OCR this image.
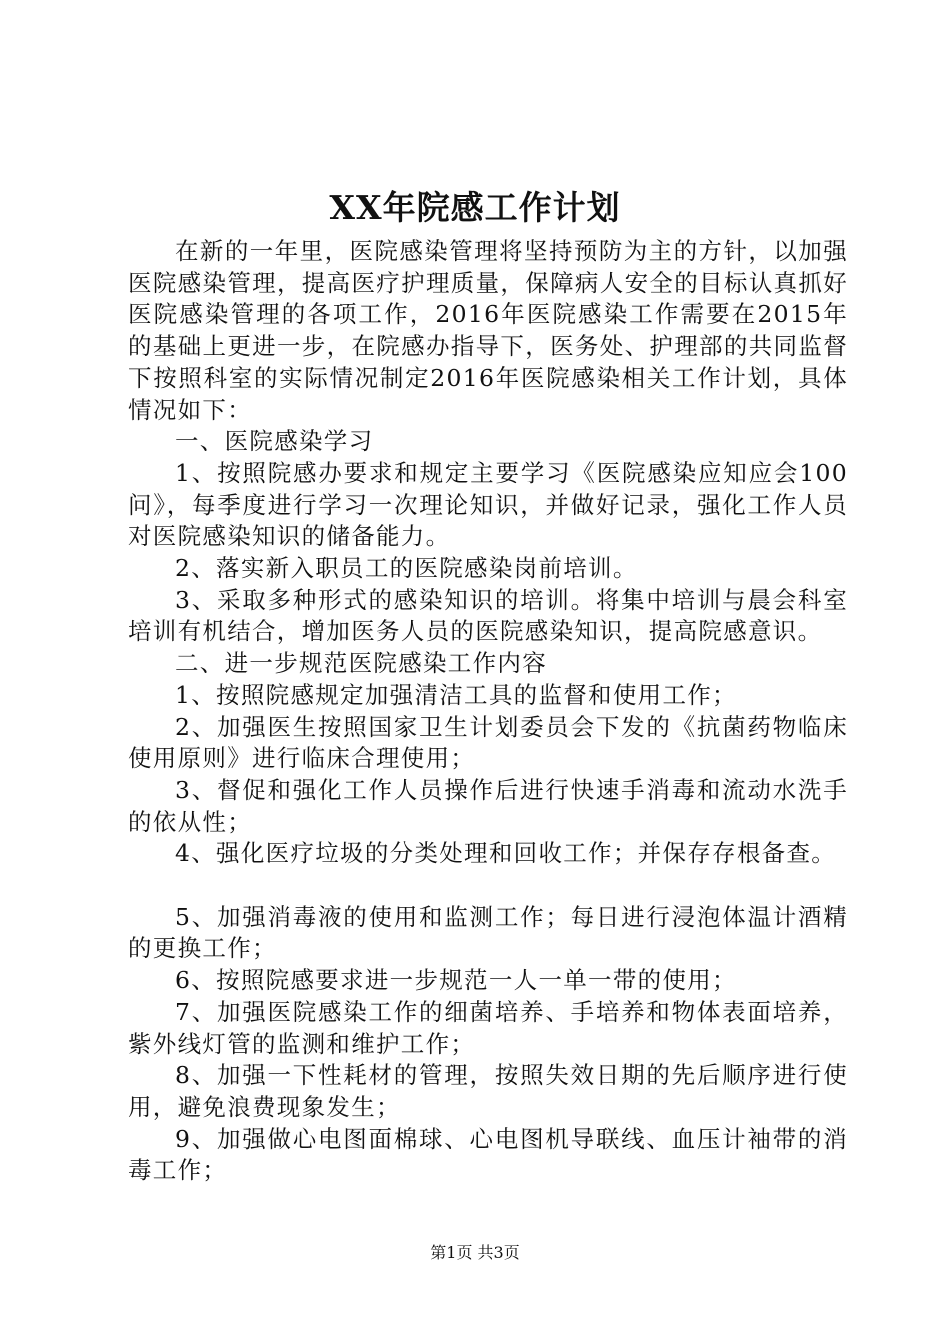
XX年院感工作计划

在新的一年里，医院感染管理将坚持预防为主的方针，以加强医院感染管理，提高医疗护理质量，保障病人安全的目标认真抓好医院感染管理的各项工作，2016年医院感染工作需要在2015年的基础上更进一步，在院感办指导下，医务处、护理部的共同监督下按照科室的实际情况制定2016年医院感染相关工作计划，具体情况如下：

一、医院感染学习

1、按照院感办要求和规定主要学习《医院感染应知应会100问》，每季度进行学习一次理论知识，并做好记录，强化工作人员对医院感染知识的储备能力。

2、落实新入职员工的医院感染岗前培训。

3、采取多种形式的感染知识的培训。将集中培训与晨会科室培训有机结合，增加医务人员的医院感染知识，提高院感意识。

二、进一步规范医院感染工作内容

1、按照院感规定加强清洁工具的监督和使用工作；

2、加强医生按照国家卫生计划委员会下发的《抗菌药物临床使用原则》进行临床合理使用；

3、督促和强化工作人员操作后进行快速手消毒和流动水洗手的依从性；

4、强化医疗垃圾的分类处理和回收工作；并保存存根备查。

5、加强消毒液的使用和监测工作；每日进行浸泡体温计酒精的更换工作；

6、按照院感要求进一步规范一人一单一带的使用；

7、加强医院感染工作的细菌培养、手培养和物体表面培养，紫外线灯管的监测和维护工作；

8、加强一下性耗材的管理，按照失效日期的先后顺序进行使用，避免浪费现象发生；

9、加强做心电图面棉球、心电图机导联线、血压计袖带的消毒工作；

第1页 共3页
